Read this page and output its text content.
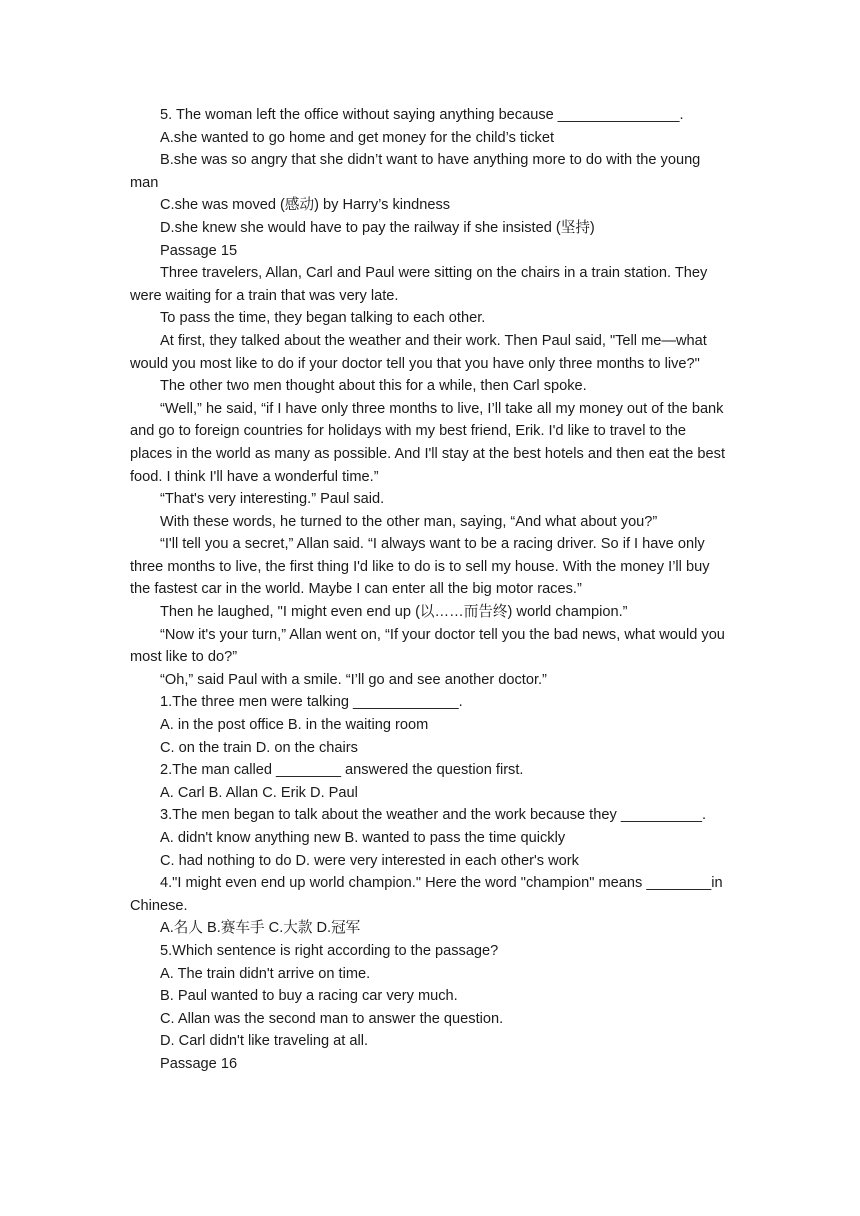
5. The woman left the office without saying anything because _______________.

A.she wanted to go home and get money for the child’s ticket

B.she was so angry that she didn’t want to have anything more to do with the young man

C.she was moved (感动) by Harry’s kindness

D.she knew she would have to pay the railway if she insisted (坚持)

Passage 15

Three travelers, Allan, Carl and Paul were sitting on the chairs in a train station. They were waiting for a train that was very late.

To pass the time, they began talking to each other.

At first, they talked about the weather and their work. Then Paul said, "Tell me—what would you most like to do if your doctor tell you that you have only three months to live?"

The other two men thought about this for a while, then Carl spoke.

“Well,” he said, “if I have only three months to live, I’ll take all my money out of the bank and go to foreign countries for holidays with my best friend, Erik. I'd like to travel to the places in the world as many as possible. And I'll stay at the best hotels and then eat the best food. I think I'll have a wonderful time.”

“That's very interesting.” Paul said.

With these words, he turned to the other man, saying, “And what about you?”

“I'll tell you a secret,” Allan said. “I always want to be a racing driver. So if I have only three months to live, the first thing I'd like to do is to sell my house. With the money I’ll buy the fastest car in the world. Maybe I can enter all the big motor races.”

Then he laughed, "I might even end up (以……而告终) world champion.”

“Now it's your turn,” Allan went on, “If your doctor tell you the bad news, what would you most like to do?”

“Oh,” said Paul with a smile. “I’ll go and see another doctor.”

1.The three men were talking _____________.

A. in the post office B. in the waiting room

C. on the train D. on the chairs

2.The man called ________ answered the question first.

A. Carl B. Allan C. Erik D. Paul

3.The men began to talk about the weather and the work because they __________.

A. didn't know anything new B. wanted to pass the time quickly

C. had nothing to do D. were very interested in each other's work

4."I might even end up world champion." Here the word "champion" means ________in Chinese.

A.名人 B.赛车手 C.大款 D.冠军

5.Which sentence is right according to the passage?

A. The train didn't arrive on time.

B. Paul wanted to buy a racing car very much.

C. Allan was the second man to answer the question.

D. Carl didn't like traveling at all.

Passage 16
